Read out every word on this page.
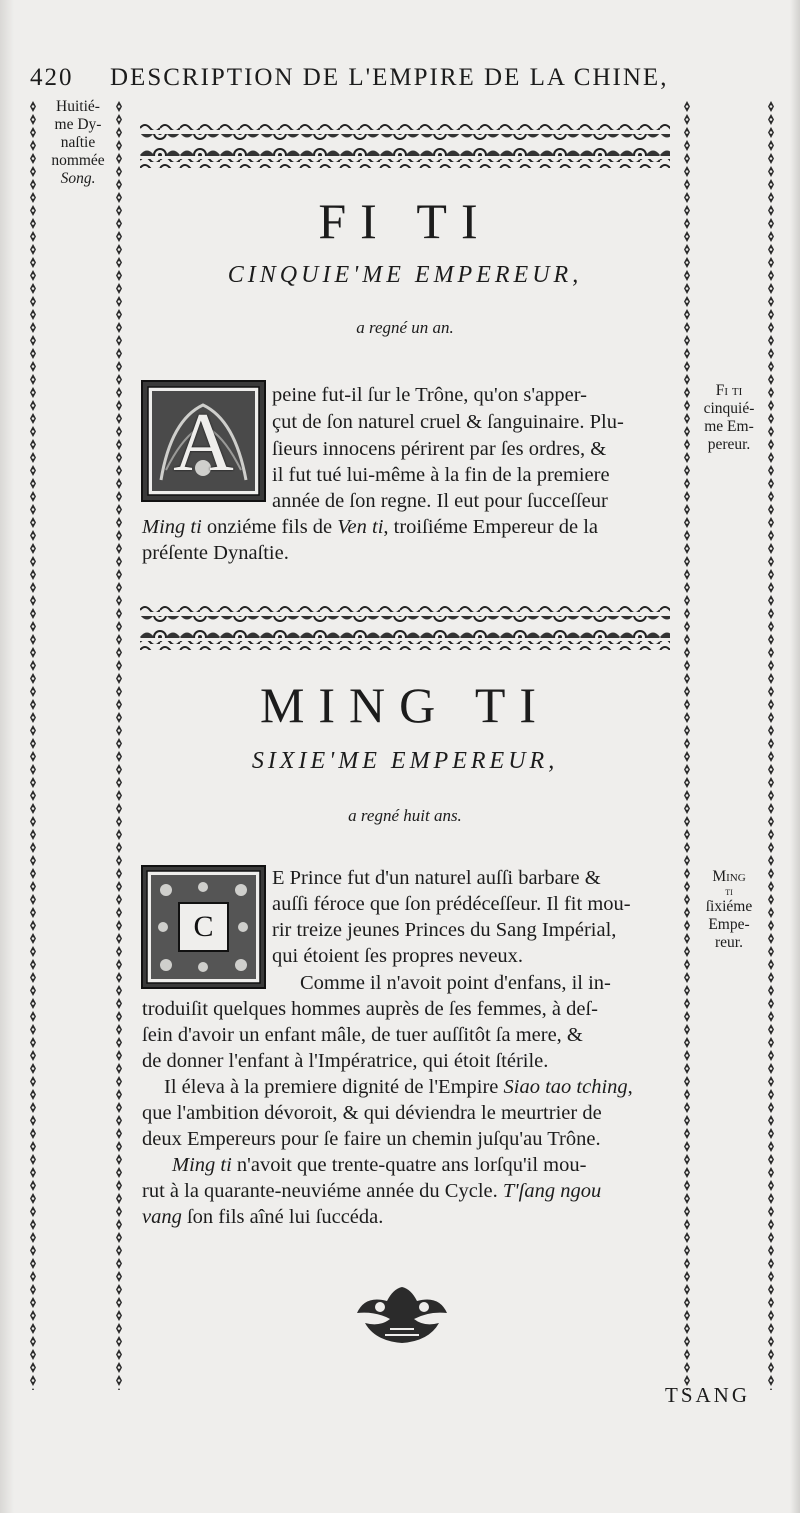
420 DESCRIPTION DE L'EMPIRE DE LA CHINE,
Huitié-
me Dy-
naſtie
nommée
Song.
Fi ti
cinquié-
me Em-
pereur.
Ming
ti
ſixiéme
Empe-
reur.
FI TI
CINQUIE'ME EMPEREUR,
a regné un an.
A
peine fut-il ſur le Trône, qu'on s'apper-
çut de ſon naturel cruel & ſanguinaire. Plu-
ſieurs innocens périrent par ſes ordres, &
il fut tué lui-même à la fin de la premiere
année de ſon regne. Il eut pour ſucceſſeur
Ming ti onziéme fils de Ven ti, troiſiéme Empereur de la
préſente Dynaſtie.
MING TI
SIXIE'ME EMPEREUR,
a regné huit ans.
C
E Prince fut d'un naturel auſſi barbare &
auſſi féroce que ſon prédéceſſeur. Il fit mou-
rir treize jeunes Princes du Sang Impérial,
qui étoient ſes propres neveux.
Comme il n'avoit point d'enfans, il in-
troduiſit quelques hommes auprès de ſes femmes, à deſ-
ſein d'avoir un enfant mâle, de tuer auſſitôt ſa mere, &
de donner l'enfant à l'Impératrice, qui étoit ſtérile.
Il éleva à la premiere dignité de l'Empire Siao tao tching,
que l'ambition dévoroit, & qui déviendra le meurtrier de
deux Empereurs pour ſe faire un chemin juſqu'au Trône.
Ming ti n'avoit que trente-quatre ans lorſqu'il mou-
rut à la quarante-neuviéme année du Cycle. T'ſang ngou
vang ſon fils aîné lui ſuccéda.
TSANG
